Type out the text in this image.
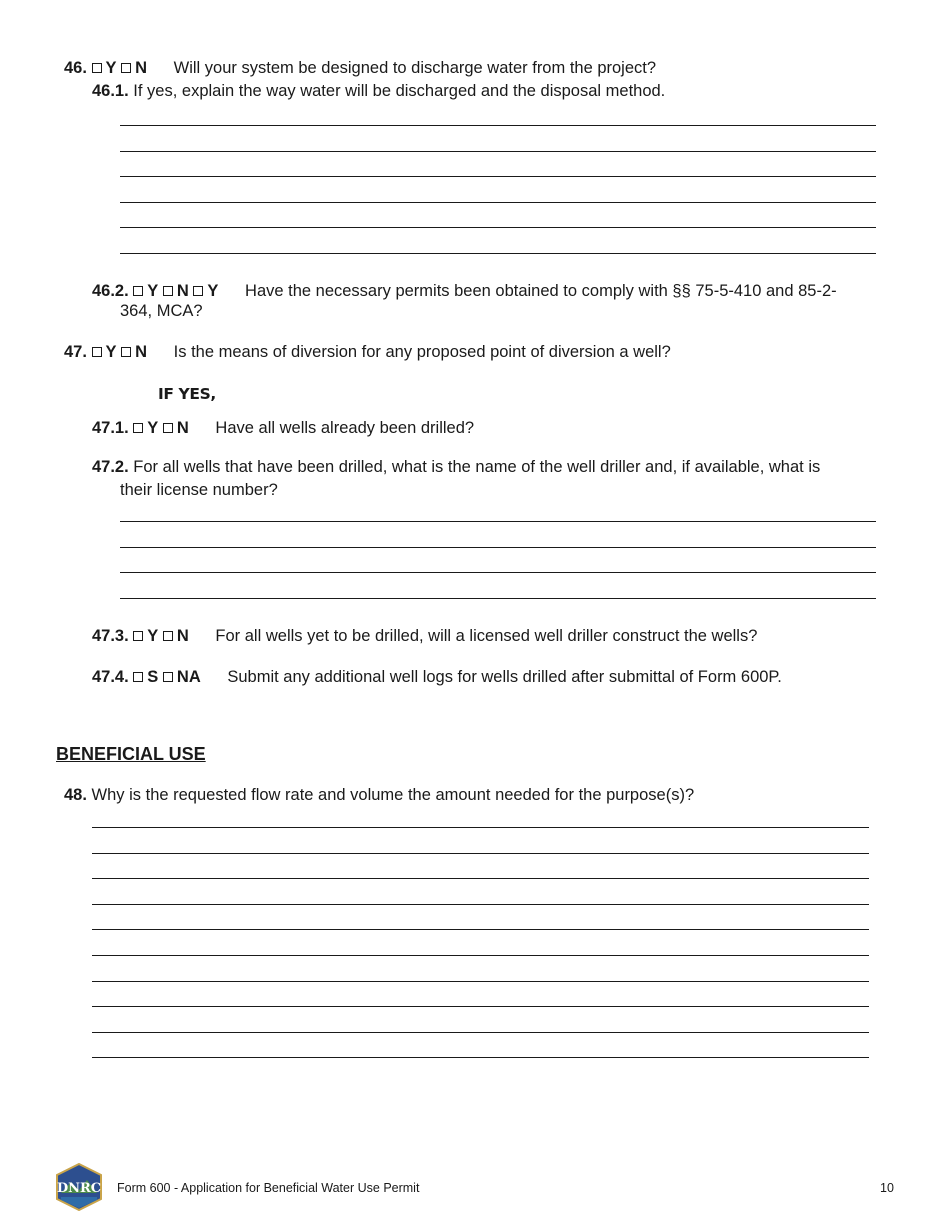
46. Y N Will your system be designed to discharge water from the project?
46.1. If yes, explain the way water will be discharged and the disposal method.
46.2. Y N Y Have the necessary permits been obtained to comply with §§ 75-5-410 and 85-2-
364, MCA?
47. Y N Is the means of diversion for any proposed point of diversion a well?
IF YES,
47.1. Y N Have all wells already been drilled?
47.2. For all wells that have been drilled, what is the name of the well driller and, if available, what is
their license number?
47.3. Y N For all wells yet to be drilled, will a licensed well driller construct the wells?
47.4. S NA Submit any additional well logs for wells drilled after submittal of Form 600P.
BENEFICIAL USE
48. Why is the requested flow rate and volume the amount needed for the purpose(s)?
DNRC Form 600 - Application for Beneficial Water Use Permit	10
